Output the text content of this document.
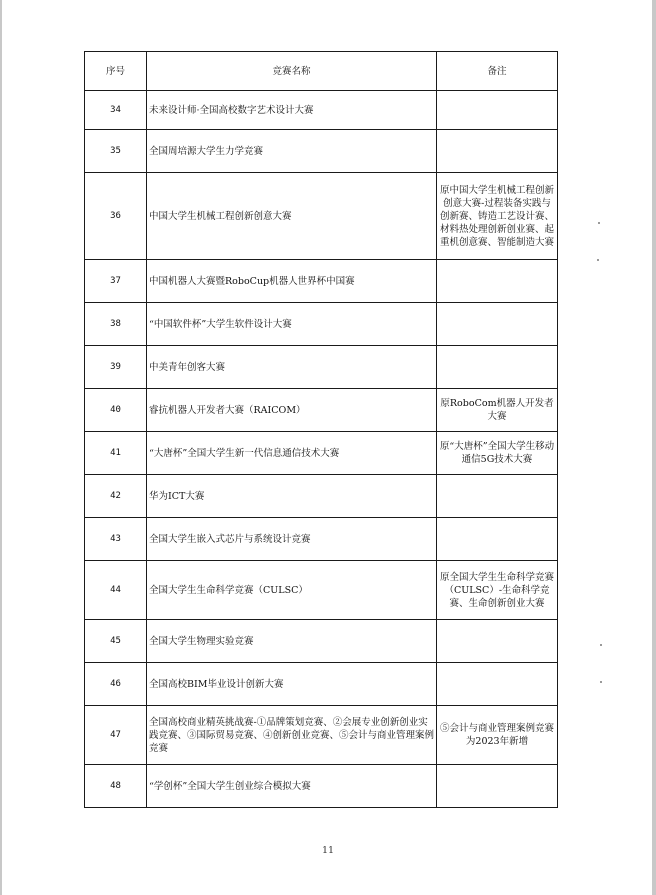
序号	竞赛名称	备注
34	未来设计师·全国高校数字艺术设计大赛	
35	全国周培源大学生力学竞赛	
36	中国大学生机械工程创新创意大赛	原中国大学生机械工程创新创意大赛-过程装备实践与创新赛、铸造工艺设计赛、材料热处理创新创业赛、起重机创意赛、智能制造大赛
37	中国机器人大赛暨RoboCup机器人世界杯中国赛	
38	“中国软件杯”大学生软件设计大赛	
39	中美青年创客大赛	
40	睿抗机器人开发者大赛（RAICOM）	原RoboCom机器人开发者大赛
41	“大唐杯”全国大学生新一代信息通信技术大赛	原“大唐杯”全国大学生移动通信5G技术大赛
42	华为ICT大赛	
43	全国大学生嵌入式芯片与系统设计竞赛	
44	全国大学生生命科学竞赛（CULSC）	原全国大学生生命科学竞赛（CULSC）-生命科学竞赛、生命创新创业大赛
45	全国大学生物理实验竞赛	
46	全国高校BIM毕业设计创新大赛	
47	全国高校商业精英挑战赛-①品牌策划竞赛、②会展专业创新创业实践竞赛、③国际贸易竞赛、④创新创业竞赛、⑤会计与商业管理案例竞赛	⑤会计与商业管理案例竞赛为2023年新增
48	“学创杯”全国大学生创业综合模拟大赛	
11
